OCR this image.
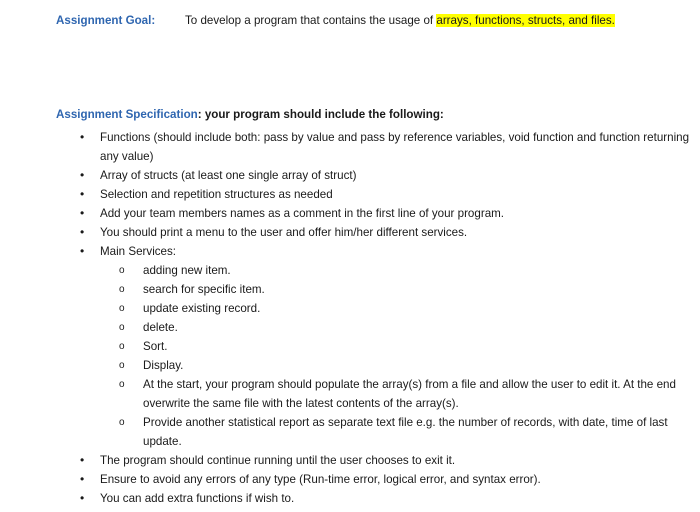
Assignment Goal:	To develop a program that contains the usage of arrays, functions, structs, and files.
Assignment Specification: your program should include the following:
• Functions (should include both: pass by value and pass by reference variables, void function and function returning any value)
• Array of structs (at least one single array of struct)
• Selection and repetition structures as needed
• Add your team members names as a comment in the first line of your program.
• You should print a menu to the user and offer him/her different services.
• Main Services:
o adding new item.
o search for specific item.
o update existing record.
o delete.
o Sort.
o Display.
o At the start, your program should populate the array(s) from a file and allow the user to edit it. At the end overwrite the same file with the latest contents of the array(s).
o Provide another statistical report as separate text file e.g. the number of records, with date, time of last update.
• The program should continue running until the user chooses to exit it.
• Ensure to avoid any errors of any type (Run-time error, logical error, and syntax error).
• You can add extra functions if wish to.
